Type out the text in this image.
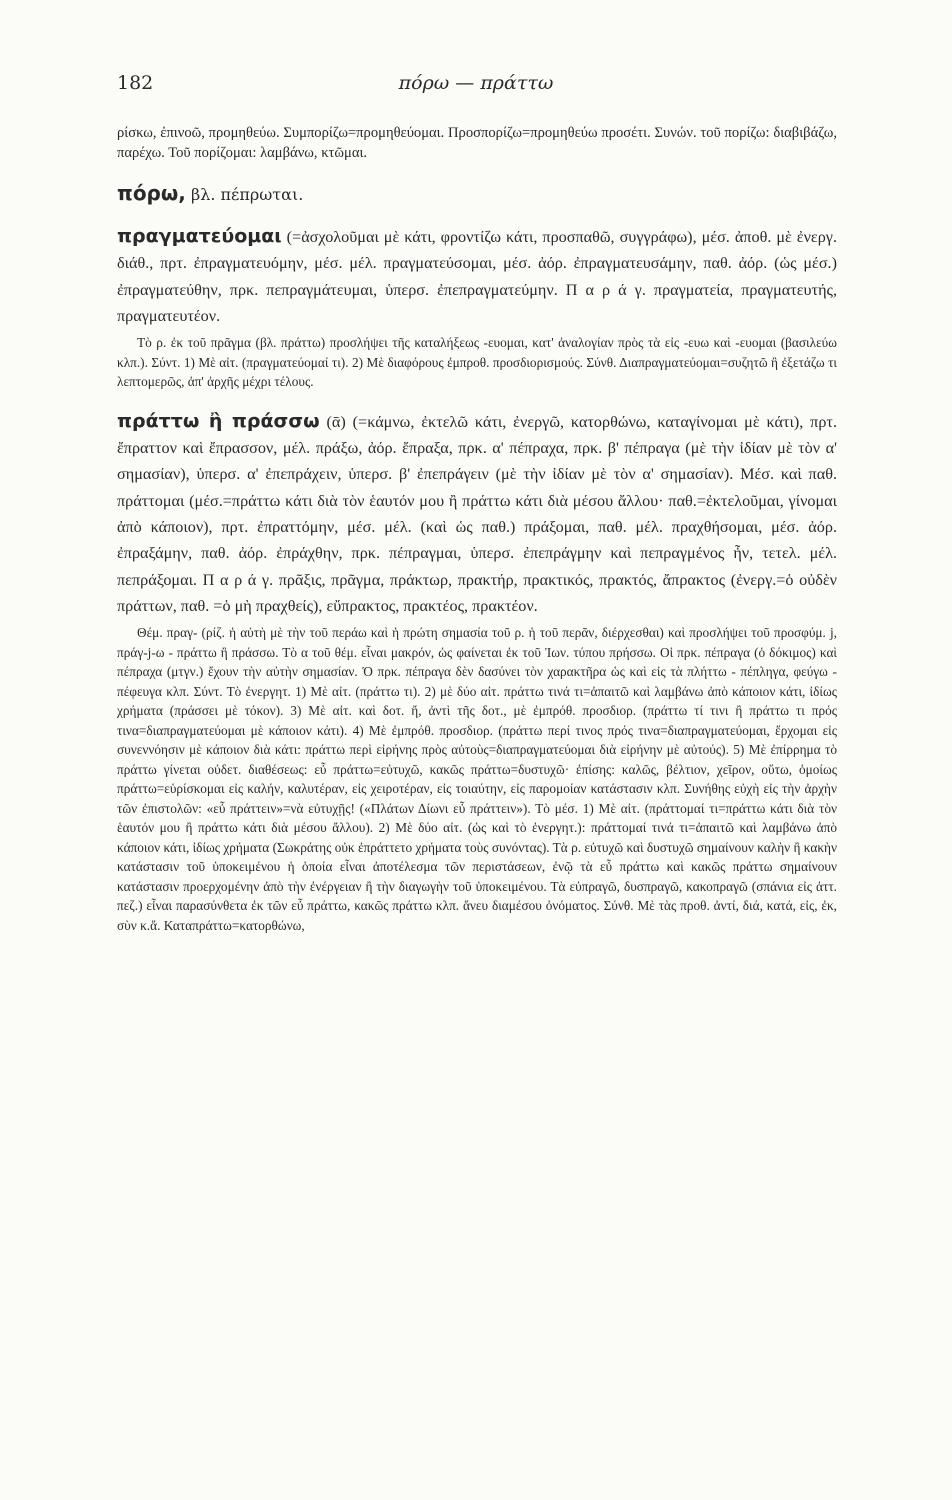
182	πόρω — πράττω

ρίσκω, ἐπινοῶ, προμηθεύω. Συμπορίζω=προμηθεύομαι. Προσπορίζω=προμηθεύω προσέτι. Συνών. τοῦ πορίζω: διαβιβάζω, παρέχω. Τοῦ πορίζομαι: λαμβάνω, κτῶμαι.

πόρω, βλ. πέπρωται.

πραγματεύομαι (=ἀσχολοῦμαι μὲ κάτι, φροντίζω κάτι, προσπαθῶ, συγγράφω), μέσ. ἀποθ. μὲ ἐνεργ. διάθ., πρτ. ἐπραγματευόμην, μέσ. μέλ. πραγματεύσομαι, μέσ. ἀόρ. ἐπραγματευσάμην, παθ. ἀόρ. (ὡς μέσ.) ἐπραγματεύθην, πρκ. πεπραγμάτευμαι, ὑπερσ. ἐπεπραγματεύμην. Π α ρ ά γ. πραγματεία, πραγματευτής, πραγματευτέον.

Τὸ ρ. ἐκ τοῦ πρᾶγμα (βλ. πράττω) προσλήψει τῆς καταλήξεως -ευομαι, κατ' ἀναλογίαν πρὸς τὰ εἰς -ευω καὶ -ευομαι (βασιλεύω κλπ.). Σύντ. 1) Μὲ αἰτ. (πραγματεύομαί τι). 2) Μὲ διαφόρους ἐμπροθ. προσδιορισμούς. Σύνθ. Διαπραγματεύομαι=συζητῶ ἢ ἐξετάζω τι λεπτομερῶς, ἀπ' ἀρχῆς μέχρι τέλους.

πράττω ἢ πράσσω (ᾱ) (=κάμνω, ἐκτελῶ κάτι, ἐνεργῶ, κατορθώνω, καταγίνομαι μὲ κάτι), πρτ. ἔπραττον καὶ ἔπρασσον, μέλ. πράξω, ἀόρ. ἔπραξα, πρκ. α' πέπραχα, πρκ. β' πέπραγα (μὲ τὴν ἰδίαν μὲ τὸν α' σημασίαν), ὑπερσ. α' ἐπεπράχειν, ὑπερσ. β' ἐπεπράγειν (μὲ τὴν ἰδίαν μὲ τὸν α' σημασίαν). Μέσ. καὶ παθ. πράττομαι (μέσ.=πράττω κάτι διὰ τὸν ἑαυτόν μου ἢ πράττω κάτι διὰ μέσου ἄλλου· παθ.=ἐκτελοῦμαι, γίνομαι ἀπὸ κάποιον), πρτ. ἐπραττόμην, μέσ. μέλ. (καὶ ὡς παθ.) πράξομαι, παθ. μέλ. πραχθήσομαι, μέσ. ἀόρ. ἐπραξάμην, παθ. ἀόρ. ἐπράχθην, πρκ. πέπραγμαι, ὑπερσ. ἐπεπράγμην καὶ πεπραγμένος ἦν, τετελ. μέλ. πεπράξομαι. Π α ρ ά γ. πρᾶξις, πρᾶγμα, πράκτωρ, πρακτήρ, πρακτικός, πρακτός, ἄπρακτος (ἐνεργ.=ὁ οὐδὲν πράττων, παθ. =ὁ μὴ πραχθείς), εὔπρακτος, πρακτέος, πρακτέον.

Θέμ. πραγ- (ρίζ. ἡ αὐτὴ μὲ τὴν τοῦ περάω καὶ ἡ πρώτη σημασία τοῦ ρ. ἡ τοῦ περᾶν, διέρχεσθαι) καὶ προσλήψει τοῦ προσφύμ. j, πράγ-j-ω - πράττω ἢ πράσσω. Τὸ α τοῦ θέμ. εἶναι μακρόν, ὡς φαίνεται ἐκ τοῦ Ἰων. τύπου πρήσσω. Οἱ πρκ. πέπραγα (ὁ δόκιμος) καὶ πέπραχα (μτγν.) ἔχουν τὴν αὐτὴν σημασίαν. Ὁ πρκ. πέπραγα δὲν δασύνει τὸν χαρακτῆρα ὡς καὶ εἰς τὰ πλήττω - πέπληγα, φεύγω - πέφευγα κλπ. Σύντ. Τὸ ἐνεργητ. 1) Μὲ αἰτ. (πράττω τι). 2) μὲ δύο αἰτ. πράττω τινά τι=ἀπαιτῶ καὶ λαμβάνω ἀπὸ κάποιον κάτι, ἰδίως χρήματα (πράσσει μὲ τόκον). 3) Μὲ αἰτ. καὶ δοτ. ἤ, ἀντὶ τῆς δοτ., μὲ ἐμπρόθ. προσδιορ. (πράττω τί τινι ἢ πράττω τι πρός τινα=διαπραγματεύομαι μὲ κάποιον κάτι). 4) Μὲ ἐμπρόθ. προσδιορ. (πράττω περί τινος πρός τινα=διαπραγματεύομαι, ἔρχομαι εἰς συνεννόησιν μὲ κάποιον διὰ κάτι: πράττω περὶ εἰρήνης πρὸς αὐτοὺς=διαπραγματεύομαι διὰ εἰρήνην μὲ αὐτούς). 5) Μὲ ἐπίρρημα τὸ πράττω γίνεται οὐδετ. διαθέσεως: εὖ πράττω=εὐτυχῶ, κακῶς πράττω=δυστυχῶ· ἐπίσης: καλῶς, βέλτιον, χεῖρον, οὕτω, ὁμοίως πράττω=εὑρίσκομαι εἰς καλήν, καλυτέραν, εἰς χειροτέραν, εἰς τοιαύτην, εἰς παρομοίαν κατάστασιν κλπ. Συνήθης εὐχὴ εἰς τὴν ἀρχὴν τῶν ἐπιστολῶν: «εὖ πράττειν»=νὰ εὐτυχῇς! («Πλάτων Δίωνι εὖ πράττειν»). Τὸ μέσ. 1) Μὲ αἰτ. (πράττομαί τι=πράττω κάτι διὰ τὸν ἑαυτόν μου ἢ πράττω κάτι διὰ μέσου ἄλλου). 2) Μὲ δύο αἰτ. (ὡς καὶ τὸ ἐνεργητ.): πράττομαί τινά τι=ἀπαιτῶ καὶ λαμβάνω ἀπὸ κάποιον κάτι, ἰδίως χρήματα (Σωκράτης οὐκ ἐπράττετο χρήματα τοὺς συνόντας). Τὰ ρ. εὐτυχῶ καὶ δυστυχῶ σημαίνουν καλὴν ἢ κακὴν κατάστασιν τοῦ ὑποκειμένου ἡ ὁποία εἶναι ἀποτέλεσμα τῶν περιστάσεων, ἐνῷ τὰ εὖ πράττω καὶ κακῶς πράττω σημαίνουν κατάστασιν προερχομένην ἀπὸ τὴν ἐνέργειαν ἢ τὴν διαγωγὴν τοῦ ὑποκειμένου. Τὰ εὐπραγῶ, δυσπραγῶ, κακοπραγῶ (σπάνια εἰς ἀττ. πεζ.) εἶναι παρασύνθετα ἐκ τῶν εὖ πράττω, κακῶς πράττω κλπ. ἄνευ διαμέσου ὀνόματος. Σύνθ. Μὲ τὰς προθ. ἀντί, διά, κατά, εἰς, ἐκ, σὺν κ.ἄ. Καταπράττω=κατορθώνω,
